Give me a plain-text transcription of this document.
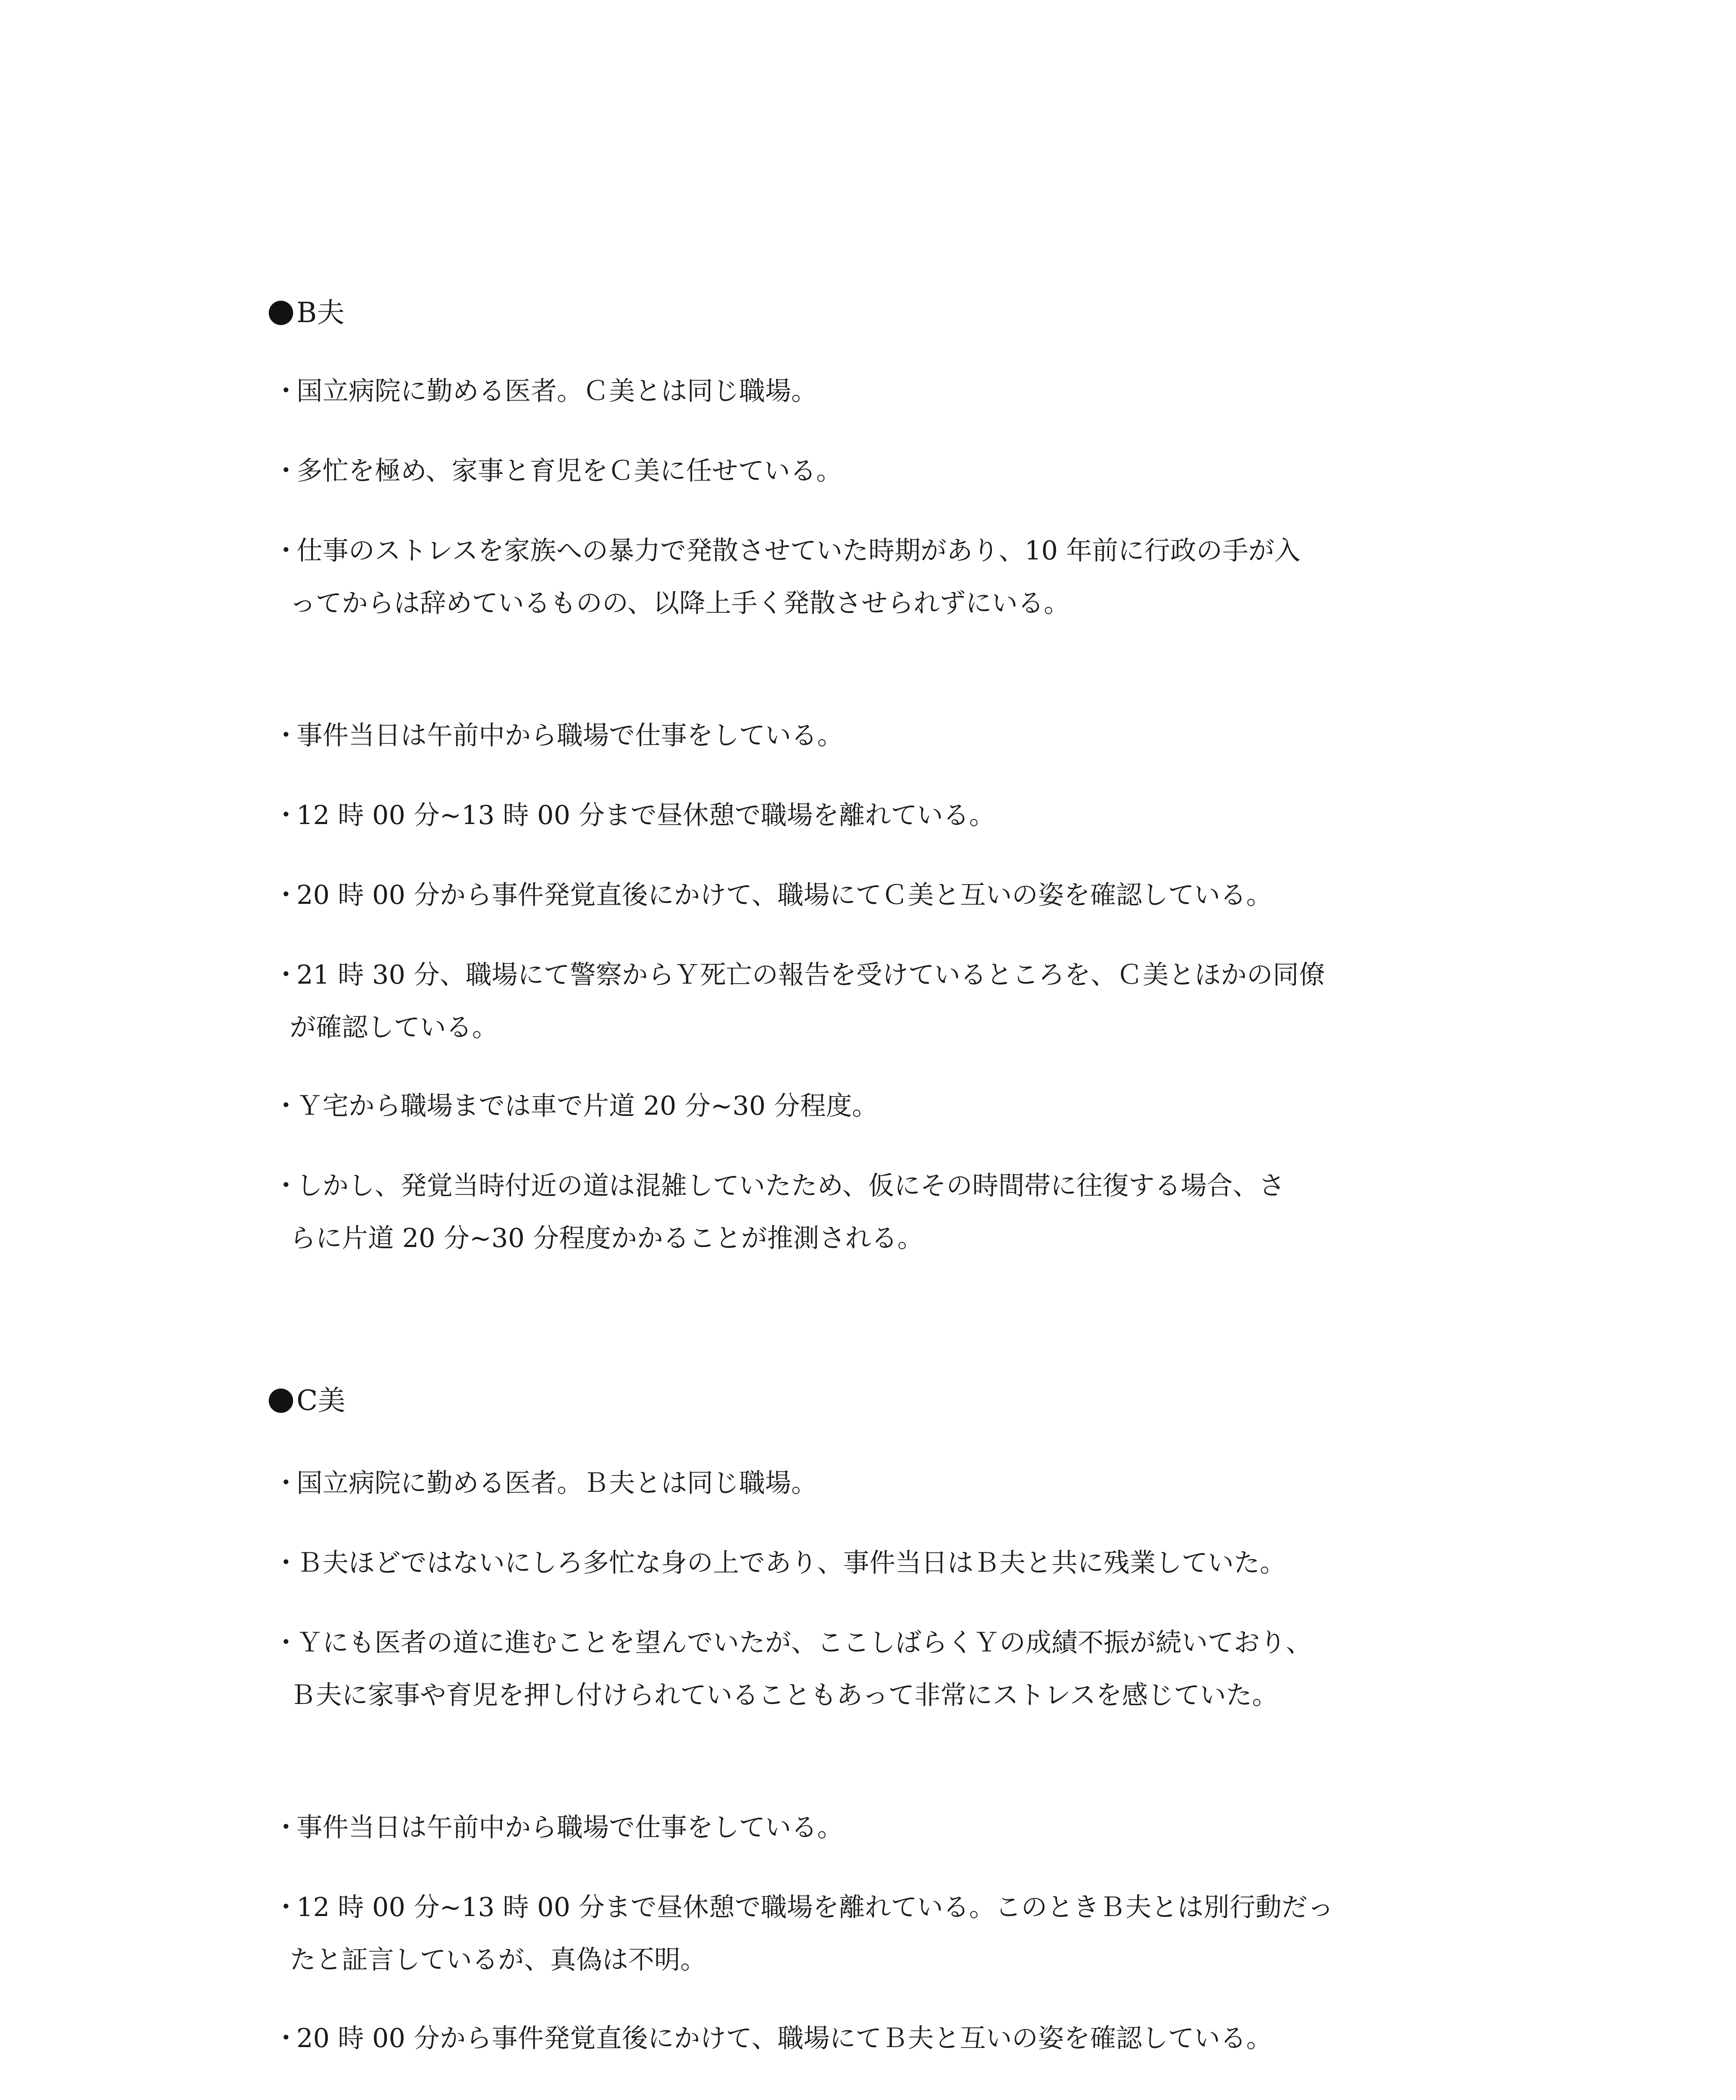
B夫
・国立病院に勤める医者。Ｃ美とは同じ職場。
・多忙を極め、家事と育児をＣ美に任せている。
・仕事のストレスを家族への暴力で発散させていた時期があり、10 年前に行政の手が入
ってからは辞めているものの、以降上手く発散させられずにいる。
・事件当日は午前中から職場で仕事をしている。
・12 時 00 分~13 時 00 分まで昼休憩で職場を離れている。
・20 時 00 分から事件発覚直後にかけて、職場にてＣ美と互いの姿を確認している。
・21 時 30 分、職場にて警察からＹ死亡の報告を受けているところを、Ｃ美とほかの同僚
が確認している。
・Ｙ宅から職場までは車で片道 20 分~30 分程度。
・しかし、発覚当時付近の道は混雑していたため、仮にその時間帯に往復する場合、さ
らに片道 20 分~30 分程度かかることが推測される。
C美
・国立病院に勤める医者。Ｂ夫とは同じ職場。
・Ｂ夫ほどではないにしろ多忙な身の上であり、事件当日はＢ夫と共に残業していた。
・Ｙにも医者の道に進むことを望んでいたが、ここしばらくＹの成績不振が続いており、
Ｂ夫に家事や育児を押し付けられていることもあって非常にストレスを感じていた。
・事件当日は午前中から職場で仕事をしている。
・12 時 00 分~13 時 00 分まで昼休憩で職場を離れている。このときＢ夫とは別行動だっ
たと証言しているが、真偽は不明。
・20 時 00 分から事件発覚直後にかけて、職場にてＢ夫と互いの姿を確認している。
